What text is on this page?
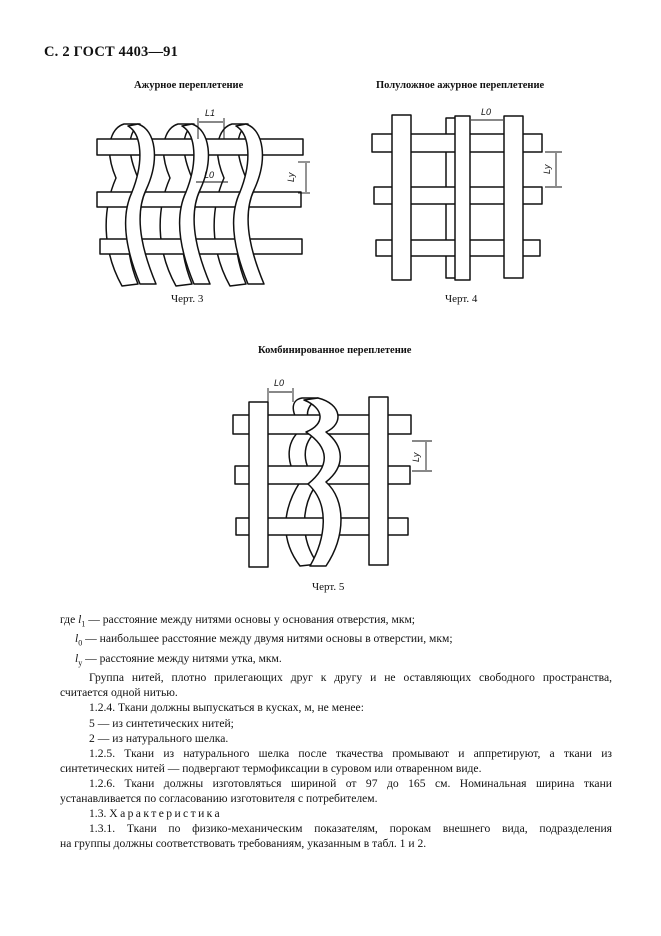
С. 2 ГОСТ 4403—91
Ажурное переплетение
L1
L0	Ly
Черт. 3
Полуложное ажурное переплетение
L0
Ly
Черт. 4
Комбинированное переплетение
L0
Ly
Черт. 5
где $l_1$ — расстояние между нитями основы у основания отверстия, мкм;
$l_0$ — наибольшее расстояние между двумя нитями основы в отверстии, мкм;
$l_у$ — расстояние между нитями утка, мкм.
Группа нитей, плотно прилегающих друг к другу и не оставляющих свободного пространства,
считается одной нитью.
1.2.4. Ткани должны выпускаться в кусках, м, не менее:
5 — из синтетических нитей;
2 — из натурального шелка.
1.2.5. Ткани из натурального шелка после ткачества промывают и аппретируют, а ткани из
синтетических нитей — подвергают термофиксации в суровом или отваренном виде.
1.2.6. Ткани должны изготовляться шириной от 97 до 165 см. Номинальная ширина ткани
устанавливается по согласованию изготовителя с потребителем.
1.3. Характеристика
1.3.1. Ткани по физико-механическим показателям, порокам внешнего вида, подразделения
на группы должны соответствовать требованиям, указанным в табл. 1 и 2.
